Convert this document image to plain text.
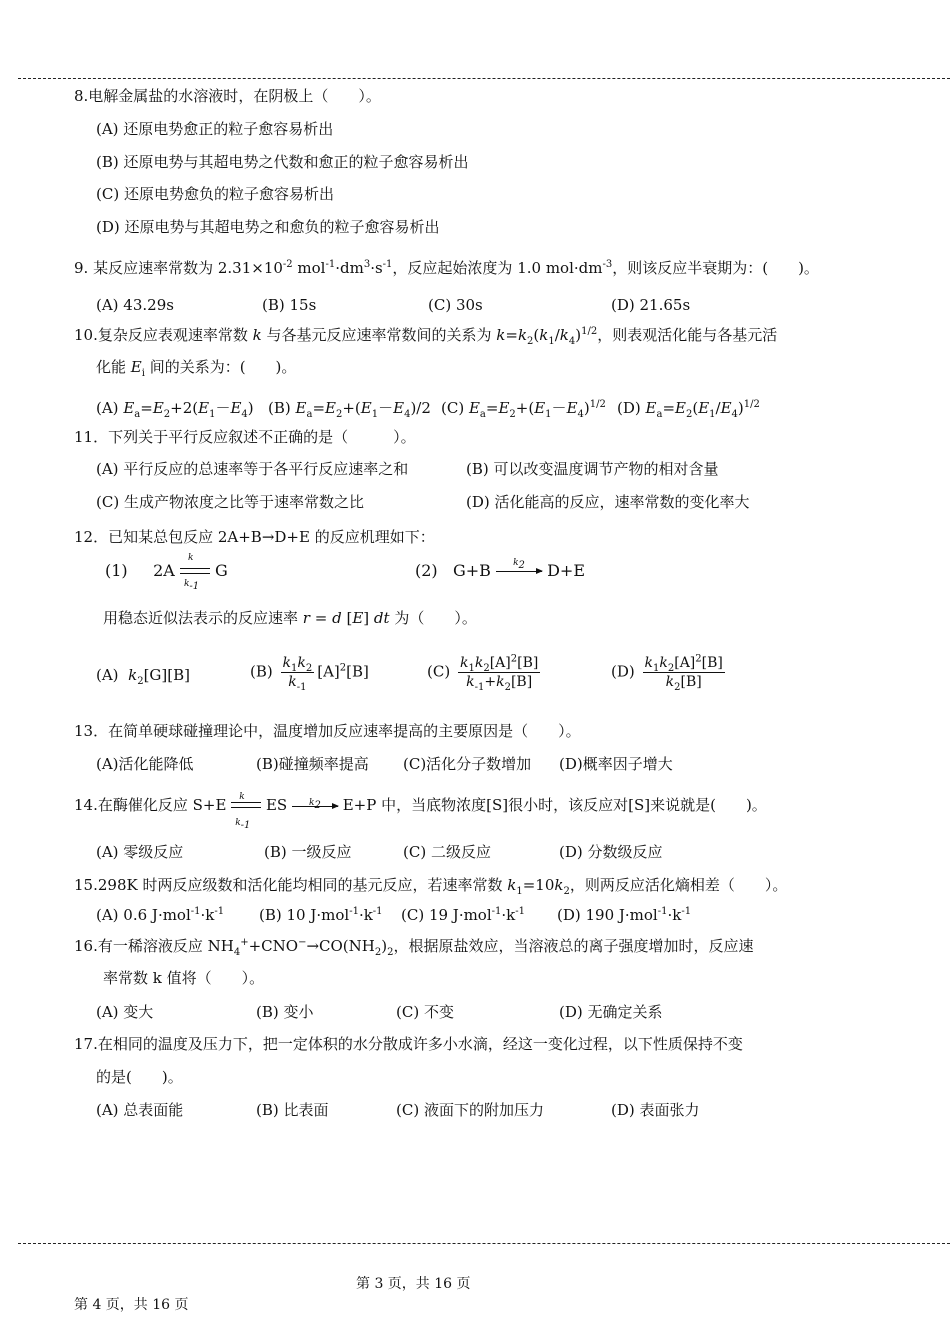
8.电解金属盐的水溶液时，在阴极上（　　）。
(A) 还原电势愈正的粒子愈容易析出
(B) 还原电势与其超电势之代数和愈正的粒子愈容易析出
(C) 还原电势愈负的粒子愈容易析出
(D) 还原电势与其超电势之和愈负的粒子愈容易析出
9. 某反应速率常数为 $2.31\times 10^{-2}$ $mol^{-1}\cdot dm^3\cdot s^{-1}$，反应起始浓度为 1.0 $mol\cdot dm^{-3}$，则该反应半衰期为：(　　)。
(A) 43.29s	(B) 15s	(C) 30s	(D) 21.65s
10.复杂反应表观速率常数 k 与各基元反应速率常数间的关系为 $k=k_2(k_1/k_4)^{1/2}$，则表观活化能与各基元活
化能 $E_i$ 间的关系为：(　　)。
(A) $E_a=E_2+2(E_1-E_4)$ (B) $E_a=E_2+(E_1-E_4)/2$ (C) $E_a=E_2+(E_1-E_4)^{1/2}$ (D) $E_a=E_2(E_1/E_4)^{1/2}$
11．下列关于平行反应叙述不正确的是（　　　）。
(A) 平行反应的总速率等于各平行反应速率之和	(B) 可以改变温度调节产物的相对含量
(C) 生成产物浓度之比等于速率常数之比	(D) 活化能高的反应，速率常数的变化率大
12．已知某总包反应 2A+B→D+E 的反应机理如下：
(1) $2A \frac{k}{k_{-1}}$ G	(2) G+B	$k_2$	D+E
用稳态近似法表示的反应速率 r = d [E] dt 为（　　）。
(A) $k_2[G][B]$	$(B) \frac{k_1k_2}{k_{-1}} [A]^2[B]$	$(C) \frac{k_1k_2[A]^2[B]}{k_{-1}+k_2[B]}$	$(D) \frac{k_1k_2[A]^2[B]}{k_2[B]}$
13．在简单硬球碰撞理论中，温度增加反应速率提高的主要原因是（　　）。
(A)活化能降低	(B)碰撞频率提高 (C)活化分子数增加 (D)概率因子增大
14.在酶催化反应 $S+E \frac{k}{k_{-1}}$ ES	$k_2$	E+P 中，当底物浓度[S]很小时，该反应对[S]来说就是(　　)。
(A) 零级反应	(B) 一级反应	(C) 二级反应	(D) 分数级反应
15.298K 时两反应级数和活化能均相同的基元反应，若速率常数 $k_1=10k_2$，则两反应活化熵相差（　　）。
(A) 0.6 $J\cdot mol^{-1}\cdot k^{-1}$ (B) 10 $J\cdot mol^{-1}\cdot k^{-1}$ (C) 19 $J\cdot mol^{-1}\cdot k^{-1}$ (D) 190 $J\cdot mol^{-1}\cdot k^{-1}$
16.有一稀溶液反应 $NH_4^++CNO^-\to CO(NH_2)_2$，根据原盐效应，当溶液总的离子强度增加时，反应速
率常数 k 值将（　　）。
(A) 变大	(B) 变小	(C) 不变	(D) 无确定关系
17.在相同的温度及压力下，把一定体积的水分散成许多小水滴，经这一变化过程，以下性质保持不变
的是(　　)。
(A) 总表面能	(B) 比表面	(C) 液面下的附加压力	(D) 表面张力
第 3 页，共 16 页
第 4 页，共 16 页
